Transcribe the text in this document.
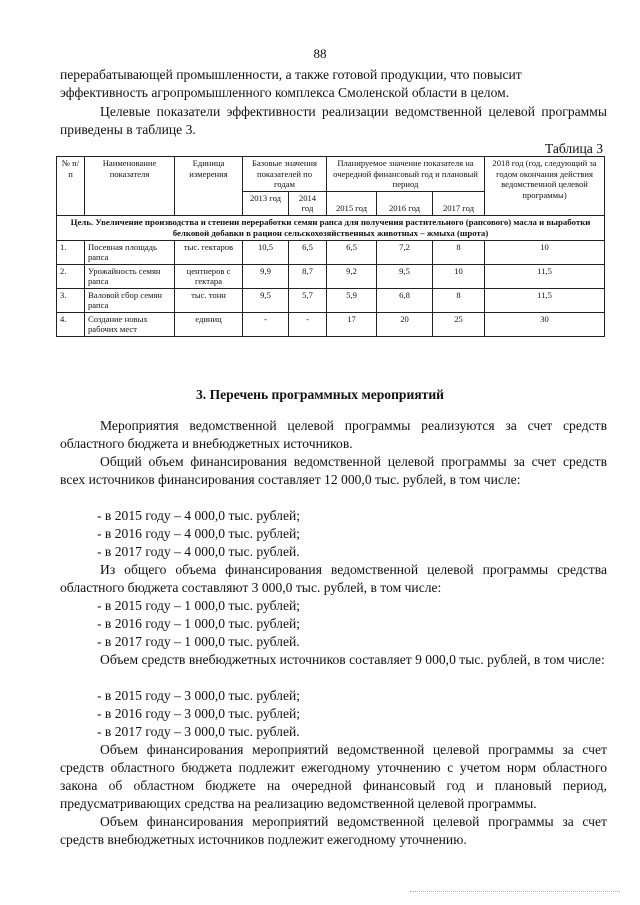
88
перерабатывающей промышленности, а также готовой продукции, что повысит
эффективность агропромышленного комплекса Смоленской области в целом.

Целевые показатели эффективности реализации ведомственной целевой программы приведены в таблице 3.

Таблица 3
№ п/п	Наименование показателя	Единица измерения	Базовые значения показателей по годам		Планируемое значение показателя на очередной финансовый год и плановый период			2018 год (год, следующий за годом окончания действия ведомственной целевой программы)
			2013 год	2014 год	2015 год	2016 год	2017 год	
Цель. Увеличение производства и степени переработки семян рапса для получения растительного (рапсового) масла и выработки белковой добавки в рацион сельскохозяйственных животных – жмыха (шрота)								
1.	Посевная площадь рапса	тыс. гектаров	10,5	6,5	6,5	7,2	8	10
2.	Урожайность семян рапса	центнеров с гектара	9,9	8,7	9,2	9,5	10	11,5
3.	Валовой сбор семян рапса	тыс. тонн	9,5	5,7	5,9	6,8	8	11,5
4.	Создание новых рабочих мест	единиц	-	-	17	20	25	30
3. Перечень программных мероприятий

Мероприятия ведомственной целевой программы реализуются за счет средств областного бюджета и внебюджетных источников.

Общий объем финансирования ведомственной целевой программы за счет средств всех источников финансирования составляет 12 000,0 тыс. рублей, в том числе:

- в 2015 году – 4 000,0 тыс. рублей;
- в 2016 году – 4 000,0 тыс. рублей;
- в 2017 году – 4 000,0 тыс. рублей.

Из общего объема финансирования ведомственной целевой программы средства областного бюджета составляют 3 000,0 тыс. рублей, в том числе:

- в 2015 году – 1 000,0 тыс. рублей;
- в 2016 году – 1 000,0 тыс. рублей;
- в 2017 году – 1 000,0 тыс. рублей.

Объем средств внебюджетных источников составляет 9 000,0 тыс. рублей, в том числе:

- в 2015 году – 3 000,0 тыс. рублей;
- в 2016 году – 3 000,0 тыс. рублей;
- в 2017 году – 3 000,0 тыс. рублей.

Объем финансирования мероприятий ведомственной целевой программы за счет средств областного бюджета подлежит ежегодному уточнению с учетом норм областного закона об областном бюджете на очередной финансовый год и плановый период, предусматривающих средства на реализацию ведомственной целевой программы.

Объем финансирования мероприятий ведомственной целевой программы за счет средств внебюджетных источников подлежит ежегодному уточнению.
